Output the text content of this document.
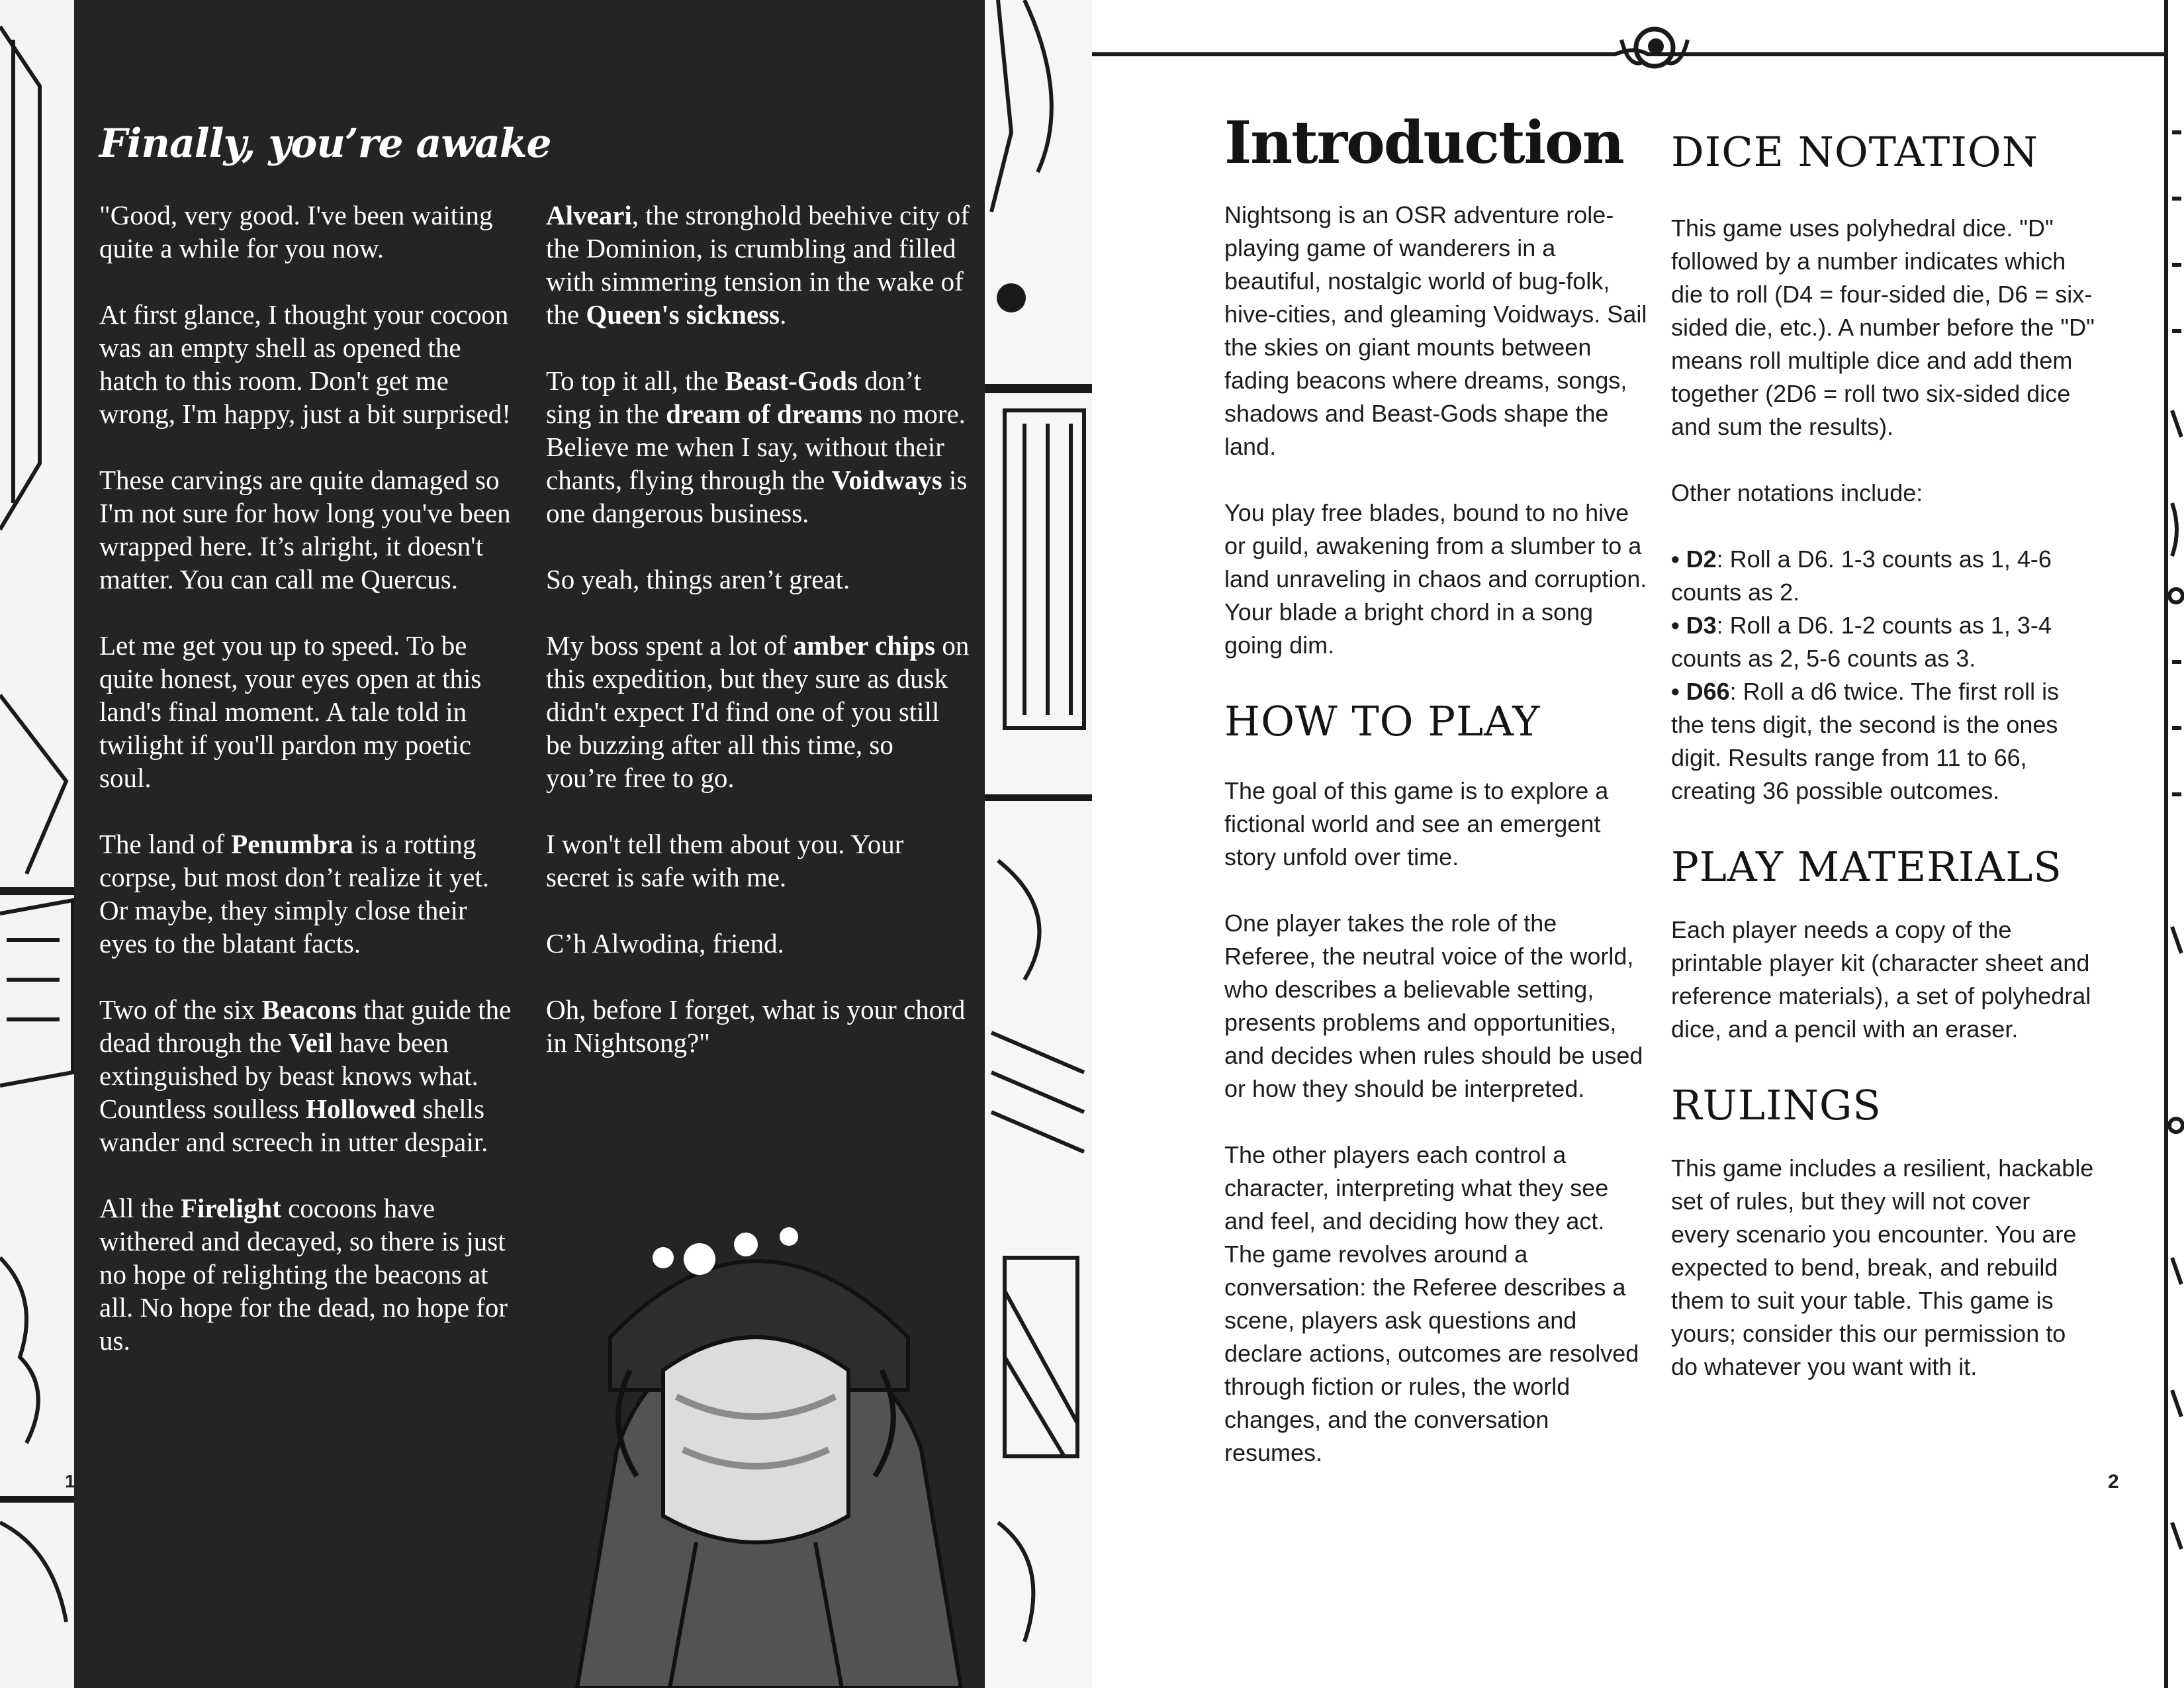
Finally, you’re awake

"Good, very good. I've been waiting quite a while for you now.

At first glance, I thought your cocoon was an empty shell as opened the hatch to this room. Don't get me wrong, I'm happy, just a bit surprised!

These carvings are quite damaged so I'm not sure for how long you've been wrapped here. It’s alright, it doesn't matter. You can call me Quercus.

Let me get you up to speed. To be quite honest, your eyes open at this land's final moment. A tale told in twilight if you'll pardon my poetic soul.

The land of Penumbra is a rotting corpse, but most don’t realize it yet. Or maybe, they simply close their eyes to the blatant facts.

Two of the six Beacons that guide the dead through the Veil have been extinguished by beast knows what. Countless soulless Hollowed shells wander and screech in utter despair.

All the Firelight cocoons have withered and decayed, so there is just no hope of relighting the beacons at all. No hope for the dead, no hope for us.

Alveari, the stronghold beehive city of the Dominion, is crumbling and filled with simmering tension in the wake of the Queen's sickness.

To top it all, the Beast-Gods don’t sing in the dream of dreams no more. Believe me when I say, without their chants, flying through the Voidways is one dangerous business.

So yeah, things aren’t great.

My boss spent a lot of amber chips on this expedition, but they sure as dusk didn't expect I'd find one of you still be buzzing after all this time, so you’re free to go.

I won't tell them about you. Your secret is safe with me.

C’h Alwodina, friend.

Oh, before I forget, what is your chord in Nightsong?"

1
Introduction

Nightsong is an OSR adventure role-playing game of wanderers in a beautiful, nostalgic world of bug-folk, hive-cities, and gleaming Voidways. Sail the skies on giant mounts between fading beacons where dreams, songs, shadows and Beast-Gods shape the land.

You play free blades, bound to no hive or guild, awakening from a slumber to a land unraveling in chaos and corruption. Your blade a bright chord in a song going dim.

HOW TO PLAY

The goal of this game is to explore a fictional world and see an emergent story unfold over time.

One player takes the role of the Referee, the neutral voice of the world, who describes a believable setting, presents problems and opportunities, and decides when rules should be used or how they should be interpreted.

The other players each control a character, interpreting what they see and feel, and deciding how they act. The game revolves around a conversation: the Referee describes a scene, players ask questions and declare actions, outcomes are resolved through fiction or rules, the world changes, and the conversation resumes.

DICE NOTATION

This game uses polyhedral dice. "D" followed by a number indicates which die to roll (D4 = four-sided die, D6 = six-sided die, etc.). A number before the "D" means roll multiple dice and add them together (2D6 = roll two six-sided dice and sum the results).

Other notations include:

• D2: Roll a D6. 1-3 counts as 1, 4-6 counts as 2.
• D3: Roll a D6. 1-2 counts as 1, 3-4 counts as 2, 5-6 counts as 3.
• D66: Roll a d6 twice. The first roll is the tens digit, the second is the ones digit. Results range from 11 to 66, creating 36 possible outcomes.
PLAY MATERIALS

Each player needs a copy of the printable player kit (character sheet and reference materials), a set of polyhedral dice, and a pencil with an eraser.

RULINGS

This game includes a resilient, hackable set of rules, but they will not cover every scenario you encounter. You are expected to bend, break, and rebuild them to suit your table. This game is yours; consider this our permission to do whatever you want with it.

2
